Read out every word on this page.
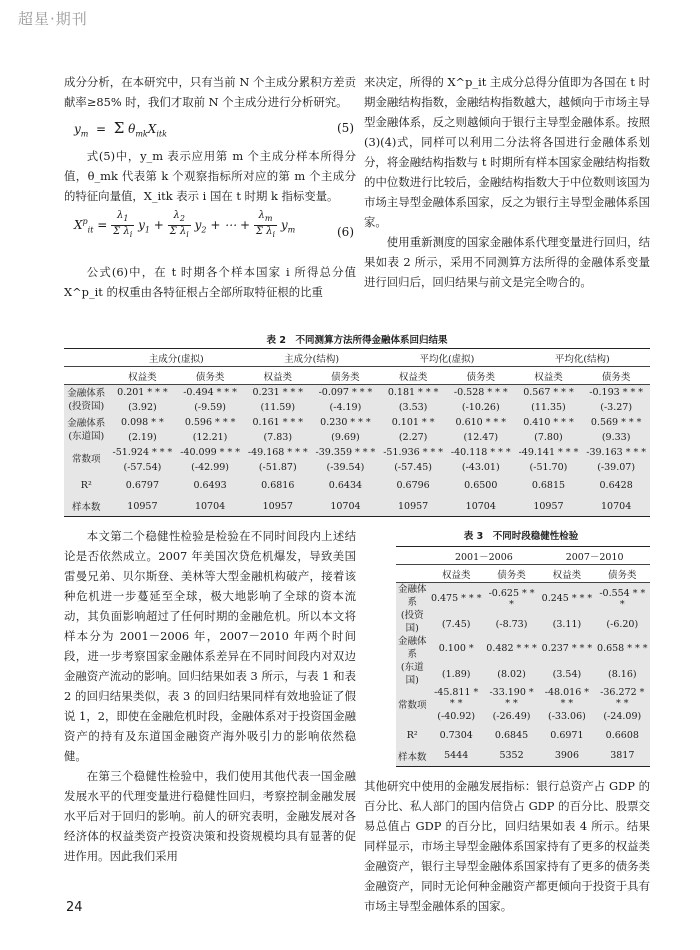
超星·期刊

成分分析，在本研究中，只有当前 N 个主成分累积方差贡献率≥85% 时，我们才取前 N 个主成分进行分析研究。

$y_m = \Sigma$ $\theta_{mk}X_{itk}$	(5)

式(5)中，y_m 表示应用第 m 个主成分样本所得分值，θ_mk 代表第 k 个观察指标所对应的第 m 个主成分的特征向量值，X_itk 表示 i 国在 t 时期 k 指标变量。

$X^p_{it} = \frac{\lambda_1}{\Sigma \lambda_i} y_1 + \frac{\lambda_2}{\Sigma \lambda_i} y_2$ + ⋯ + $\frac{\lambda_m}{\Sigma \lambda_i} y_m$	(6)

公式(6)中，在 t 时期各个样本国家 i 所得总分值 X^p_it 的权重由各特征根占全部所取特征根的比重

来决定，所得的 X^p_it 主成分总得分值即为各国在 t 时期金融结构指数，金融结构指数越大，越倾向于市场主导型金融体系，反之则越倾向于银行主导型金融体系。按照(3)(4)式，同样可以利用二分法将各国进行金融体系划分，将金融结构指数与 t 时期所有样本国家金融结构指数的中位数进行比较后，金融结构指数大于中位数则该国为市场主导型金融体系国家，反之为银行主导型金融体系国家。

使用重新测度的国家金融体系代理变量进行回归，结果如表 2 所示，采用不同测算方法所得的金融体系变量进行回归后，回归结果与前文是完全吻合的。

表 2　不同测算方法所得金融体系回归结果
	主成分(虚拟)		主成分(结构)		平均化(虚拟)		平均化(结构)	
	权益类	债务类	权益类	债务类	权益类	债务类	权益类	债务类

金融体系
(投资国)	0.201 * * *	-0.494 * * *	0.231 * * *	-0.097 * * *	0.181 * * *	-0.528 * * *	0.567 * * *	-0.193 * * *
	(3.92)	(-9.59)	(11.59)	(-4.19)	(3.53)	(-10.26)	(11.35)	(-3.27)

金融体系
(东道国)	0.098 * *	0.596 * * *	0.161 * * *	0.230 * * *	0.101 * *	0.610 * * *	0.410 * * *	0.569 * * *
	(2.19)	(12.21)	(7.83)	(9.69)	(2.27)	(12.47)	(7.80)	(9.33)

常数项	-51.924 * * *	-40.099 * * *	-49.168 * * *	-39.359 * * *	-51.936 * * *	-40.118 * * *	-49.141 * * *	-39.163 * * *
	(-57.54)	(-42.99)	(-51.87)	(-39.54)	(-57.45)	(-43.01)	(-51.70)	(-39.07)
R²	0.6797	0.6493	0.6816	0.6434	0.6796	0.6500	0.6815	0.6428
样本数	10957	10704	10957	10704	10957	10704	10957	10704

本文第二个稳健性检验是检验在不同时间段内上述结论是否依然成立。2007 年美国次贷危机爆发，导致美国雷曼兄弟、贝尔斯登、美林等大型金融机构破产，接着该种危机进一步蔓延至全球，极大地影响了全球的资本流动，其负面影响超过了任何时期的金融危机。所以本文将样本分为 2001－2006 年，2007－2010 年两个时间段，进一步考察国家金融体系差异在不同时间段内对双边金融资产流动的影响。回归结果如表 3 所示，与表 1 和表 2 的回归结果类似，表 3 的回归结果同样有效地验证了假说 1，2，即使在金融危机时段，金融体系对于投资国金融资产的持有及东道国金融资产海外吸引力的影响依然稳健。

在第三个稳健性检验中，我们使用其他代表一国金融发展水平的代理变量进行稳健性回归，考察控制金融发展水平后对于回归的影响。前人的研究表明，金融发展对各经济体的权益类资产投资决策和投资规模均具有显著的促进作用。因此我们采用

表 3　不同时段稳健性检验
	2001－2006		2007－2010	
	权益类	债务类	权益类	债务类

金融体系
(投资国)	0.475 * * *	-0.625 * * *	0.245 * * *	-0.554 * * *
	(7.45)	(-8.73)	(3.11)	(-6.20)

金融体系
(东道国)	0.100 *	0.482 * * *	0.237 * * *	0.658 * * *
	(1.89)	(8.02)	(3.54)	(8.16)

常数项	-45.811 * * *	-33.190 * * *	-48.016 * * *	-36.272 * * *
	(-40.92)	(-26.49)	(-33.06)	(-24.09)
R²	0.7304	0.6845	0.6971	0.6608
样本数	5444	5352	3906	3817

其他研究中使用的金融发展指标：银行总资产占 GDP 的百分比、私人部门的国内信贷占 GDP 的百分比、股票交易总值占 GDP 的百分比，回归结果如表 4 所示。结果同样显示，市场主导型金融体系国家持有了更多的权益类金融资产，银行主导型金融体系国家持有了更多的债务类金融资产，同时无论何种金融资产都更倾向于投资于具有市场主导型金融体系的国家。

24
